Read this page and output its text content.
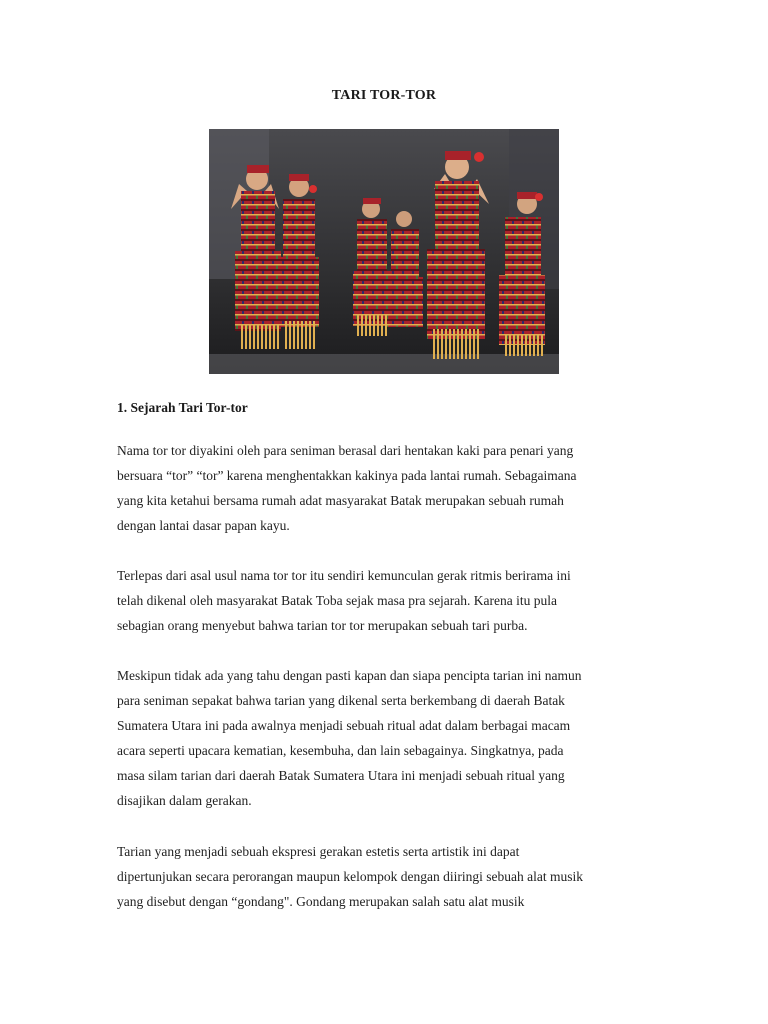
TARI TOR-TOR
1. Sejarah Tari Tor-tor

Nama tor tor diyakini oleh para seniman berasal dari hentakan kaki para penari yang
bersuara “tor” “tor” karena menghentakkan kakinya pada lantai rumah. Sebagaimana
yang kita ketahui bersama rumah adat masyarakat Batak merupakan sebuah rumah
dengan lantai dasar papan kayu.

Terlepas dari asal usul nama tor tor itu sendiri kemunculan gerak ritmis berirama ini
telah dikenal oleh masyarakat Batak Toba sejak masa pra sejarah. Karena itu pula
sebagian orang menyebut bahwa tarian tor tor merupakan sebuah tari purba.

Meskipun tidak ada yang tahu dengan pasti kapan dan siapa pencipta tarian ini namun
para seniman sepakat bahwa tarian yang dikenal serta berkembang di daerah Batak
Sumatera Utara ini pada awalnya menjadi sebuah ritual adat dalam berbagai macam
acara seperti upacara kematian, kesembuha, dan lain sebagainya. Singkatnya, pada
masa silam tarian dari daerah Batak Sumatera Utara ini menjadi sebuah ritual yang
disajikan dalam gerakan.

Tarian yang menjadi sebuah ekspresi gerakan estetis serta artistik ini dapat
dipertunjukan secara perorangan maupun kelompok dengan diiringi sebuah alat musik
yang disebut dengan “gondang". Gondang merupakan salah satu alat musik
